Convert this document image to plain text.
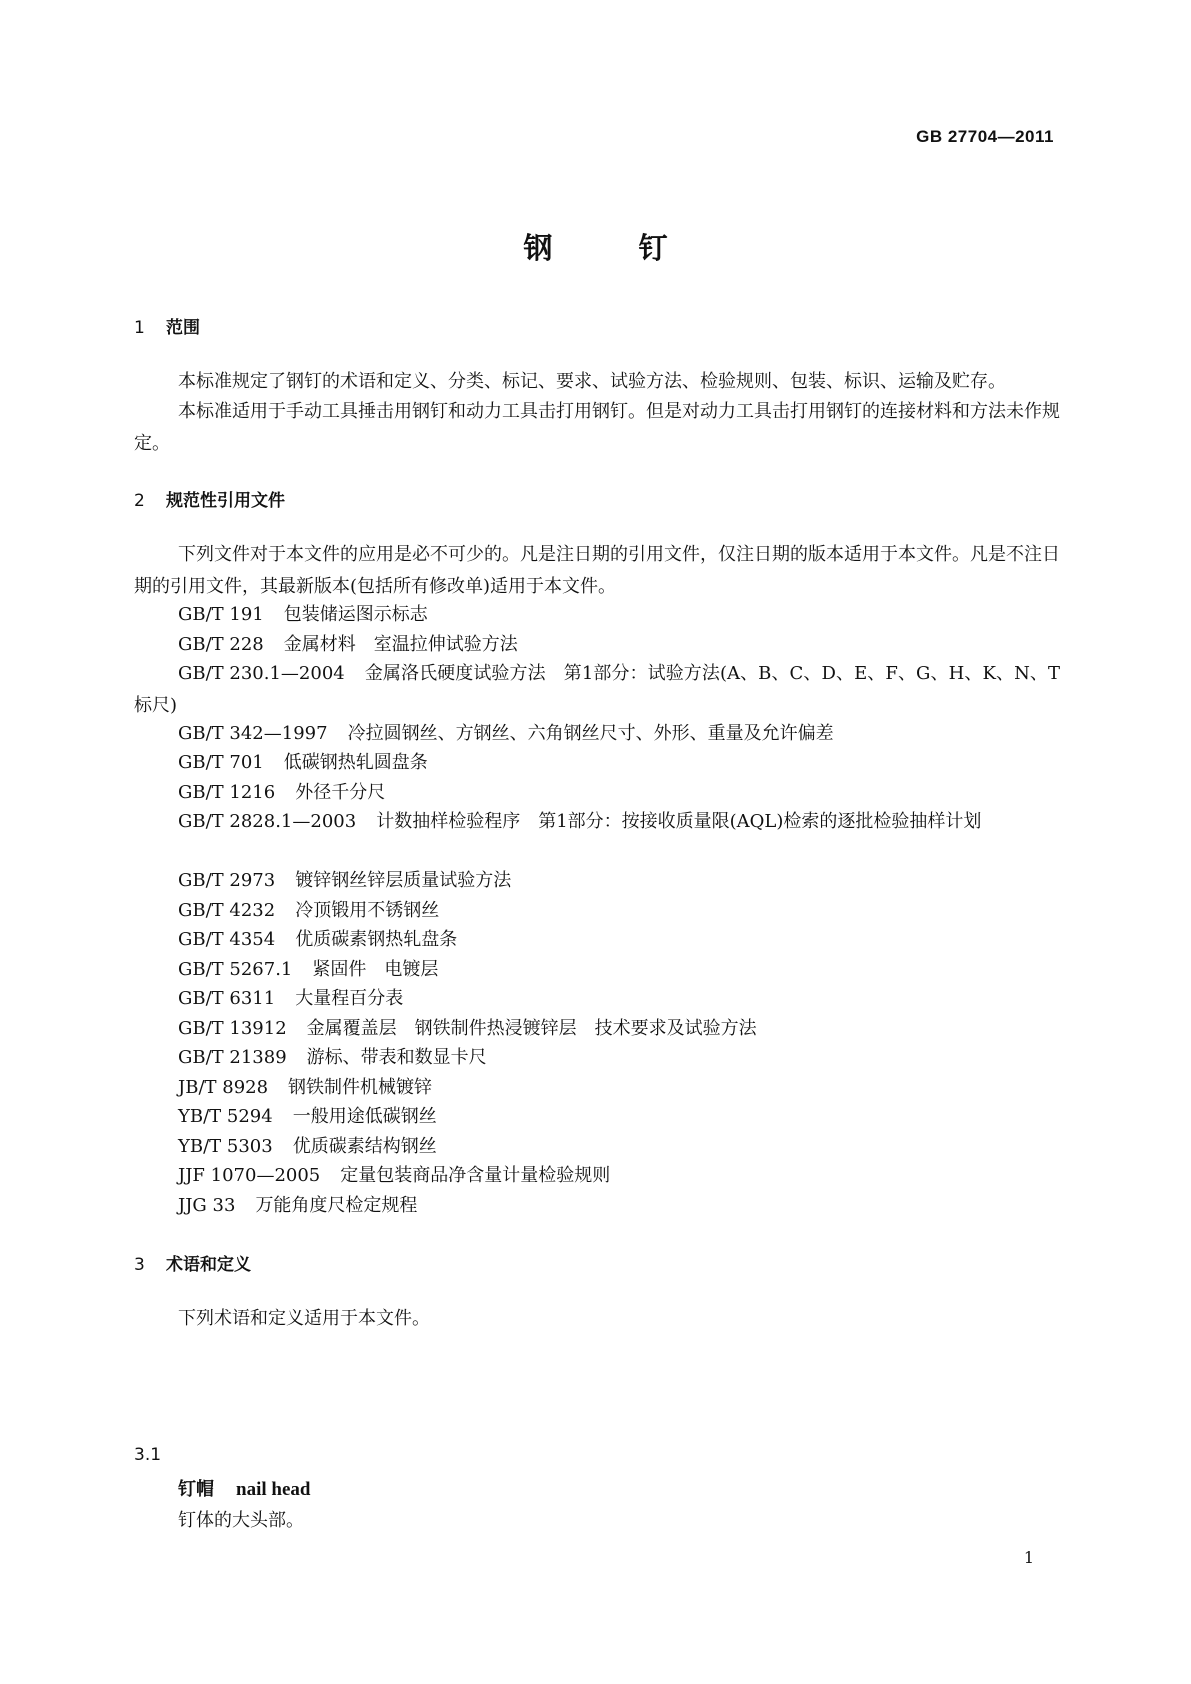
GB 27704—2011
钢	钉
1 范围
本标准规定了钢钉的术语和定义、分类、标记、要求、试验方法、检验规则、包装、标识、运输及贮存。
本标准适用于手动工具捶击用钢钉和动力工具击打用钢钉。但是对动力工具击打用钢钉的连接材料和方法未作规定。
2 规范性引用文件
下列文件对于本文件的应用是必不可少的。凡是注日期的引用文件，仅注日期的版本适用于本文件。凡是不注日期的引用文件，其最新版本(包括所有修改单)适用于本文件。
GB/T 191 包装储运图示标志
GB/T 228 金属材料　室温拉伸试验方法
GB/T 230.1—2004 金属洛氏硬度试验方法　第1部分：试验方法(A、B、C、D、E、F、G、H、K、N、T标尺)
GB/T 342—1997 冷拉圆钢丝、方钢丝、六角钢丝尺寸、外形、重量及允许偏差
GB/T 701 低碳钢热轧圆盘条
GB/T 1216 外径千分尺
GB/T 2828.1—2003 计数抽样检验程序　第1部分：按接收质量限(AQL)检索的逐批检验抽样计划
GB/T 2973 镀锌钢丝锌层质量试验方法
GB/T 4232 冷顶锻用不锈钢丝
GB/T 4354 优质碳素钢热轧盘条
GB/T 5267.1 紧固件　电镀层
GB/T 6311 大量程百分表
GB/T 13912 金属覆盖层　钢铁制件热浸镀锌层　技术要求及试验方法
GB/T 21389 游标、带表和数显卡尺
JB/T 8928 钢铁制件机械镀锌
YB/T 5294 一般用途低碳钢丝
YB/T 5303 优质碳素结构钢丝
JJF 1070—2005 定量包装商品净含量计量检验规则
JJG 33 万能角度尺检定规程
3 术语和定义
下列术语和定义适用于本文件。
3.1
钉帽 nail head
钉体的大头部。
1
